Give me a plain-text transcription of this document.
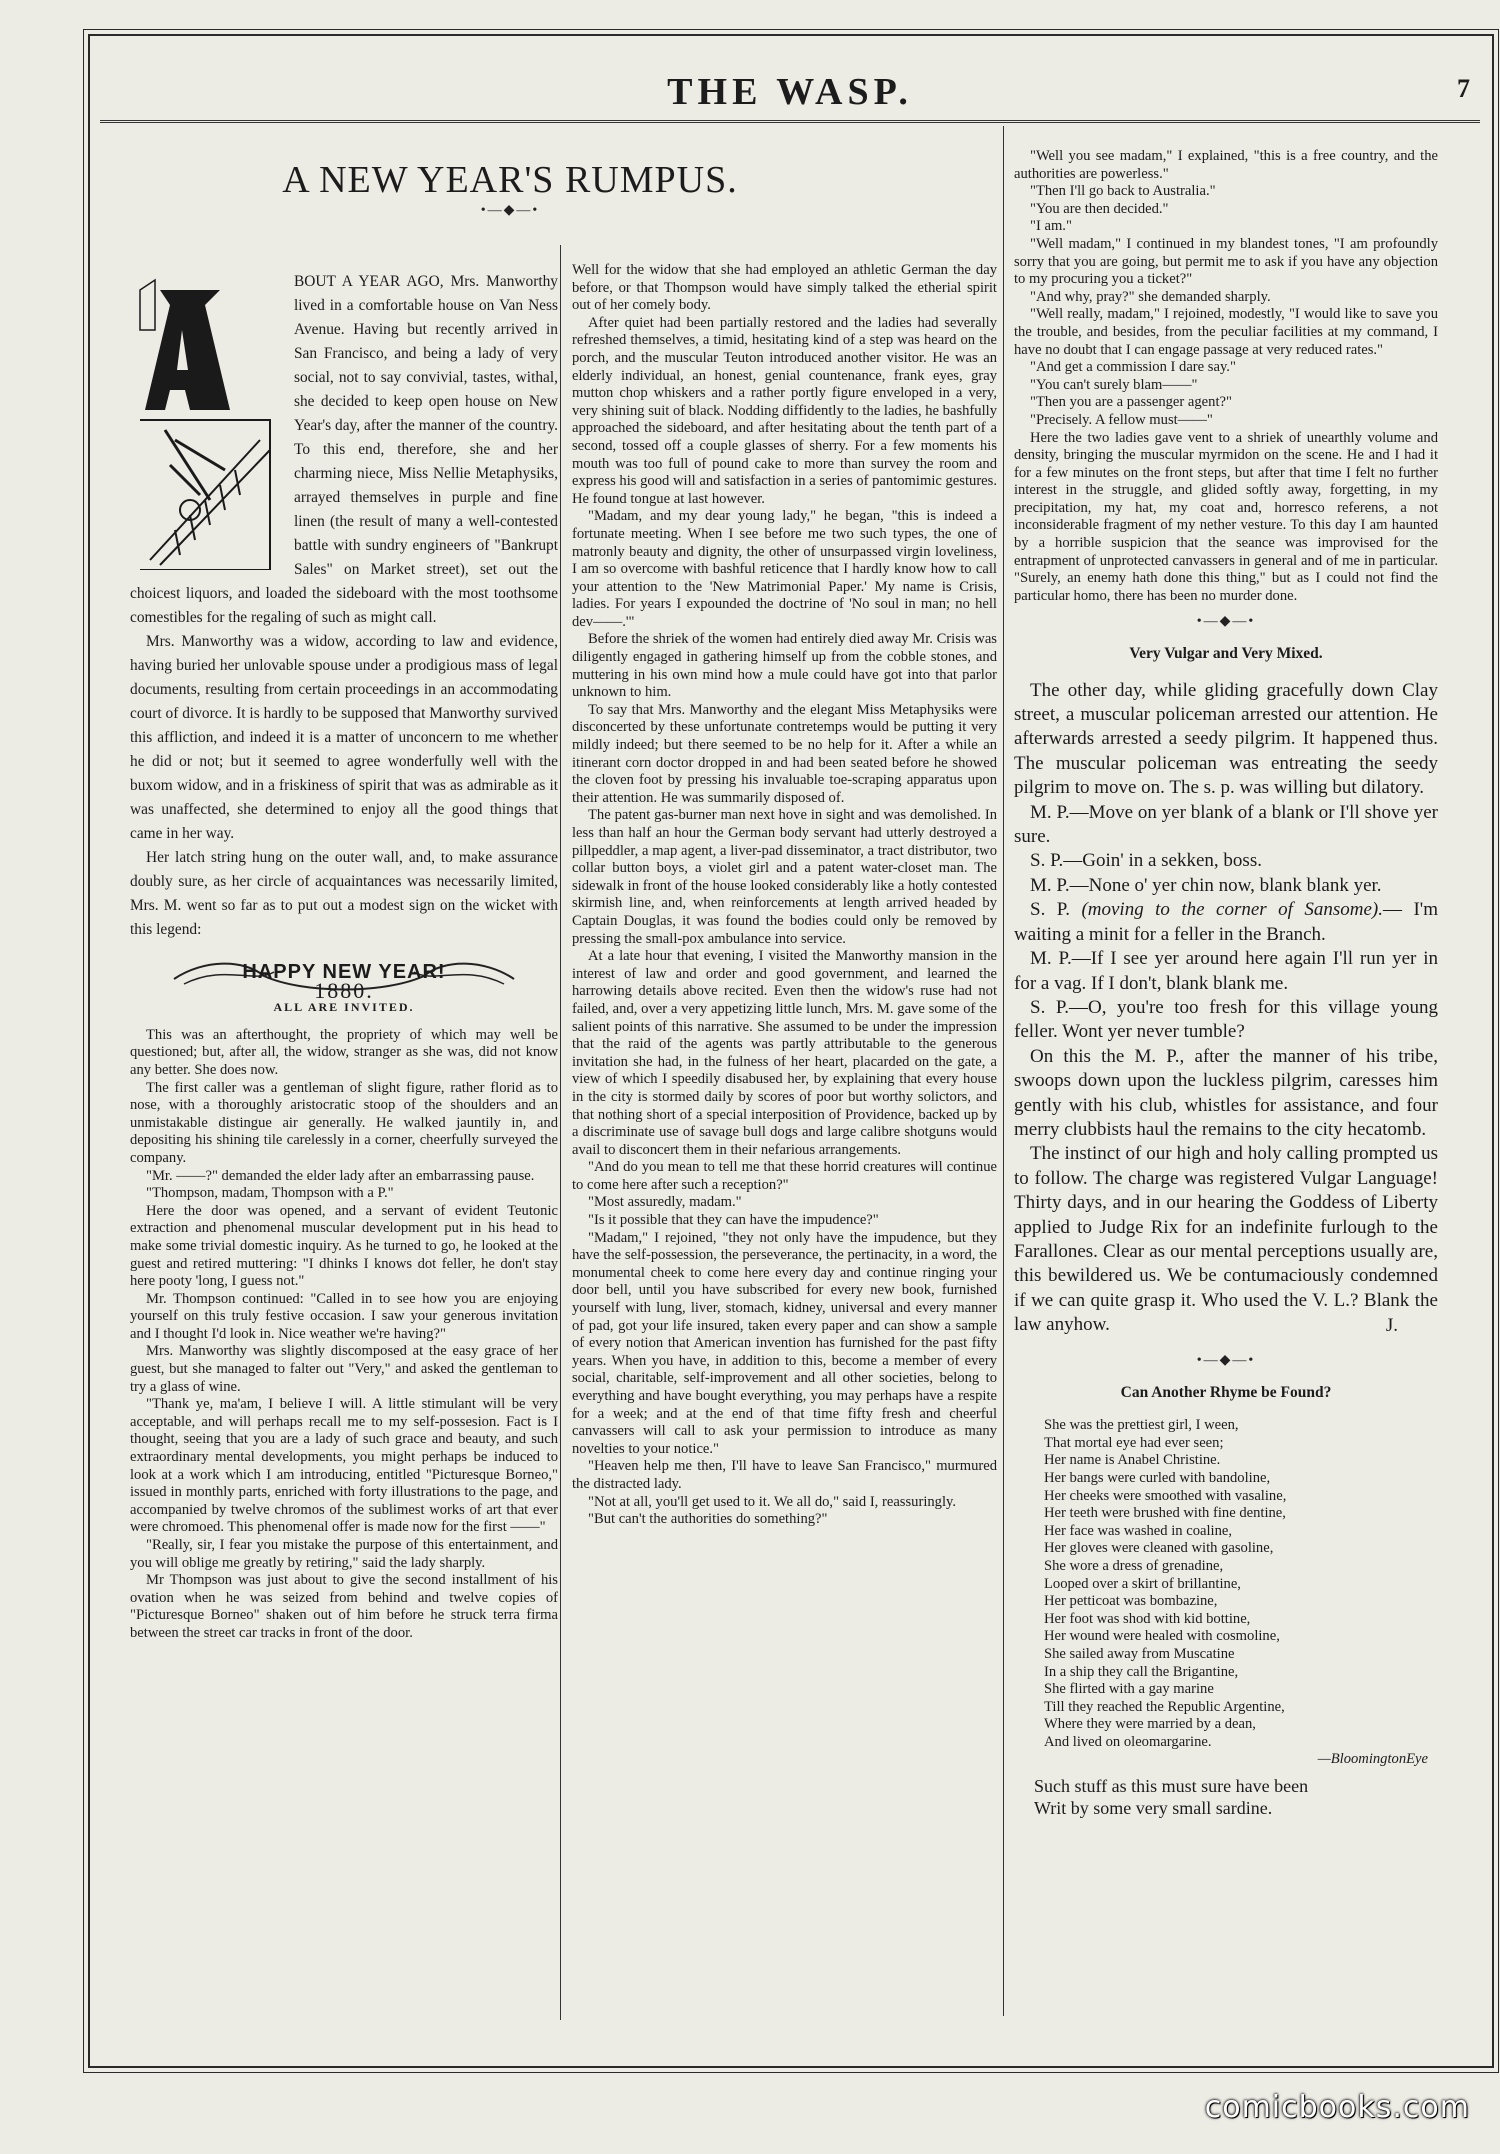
THE WASP.	7
A NEW YEAR'S RUMPUS.
•—◆—•

BOUT A YEAR AGO, Mrs. Manworthy lived in a comfortable house on Van Ness Avenue. Having but recently arrived in San Francisco, and being a lady of very social, not to say convivial, tastes, withal, she decided to keep open house on New Year's day, after the manner of the country. To this end, therefore, she and her charming niece, Miss Nellie Metaphysiks, arrayed themselves in purple and fine linen (the result of many a well-contested battle with sundry engineers of "Bankrupt Sales" on Market street), set out the choicest liquors, and loaded the sideboard with the most toothsome comestibles for the regaling of such as might call.

Mrs. Manworthy was a widow, according to law and evidence, having buried her unlovable spouse under a prodigious mass of legal documents, resulting from certain proceedings in an accommodating court of divorce. It is hardly to be supposed that Manworthy survived this affliction, and indeed it is a matter of unconcern to me whether he did or not; but it seemed to agree wonderfully well with the buxom widow, and in a friskiness of spirit that was as admirable as it was unaffected, she determined to enjoy all the good things that came in her way.

Her latch string hung on the outer wall, and, to make assurance doubly sure, as her circle of acquaintances was necessarily limited, Mrs. M. went so far as to put out a modest sign on the wicket with this legend:

HAPPY NEW YEAR!
1880.
ALL ARE INVITED.

This was an afterthought, the propriety of which may well be questioned; but, after all, the widow, stranger as she was, did not know any better. She does now.

The first caller was a gentleman of slight figure, rather florid as to nose, with a thoroughly aristocratic stoop of the shoulders and an unmistakable distingue air generally. He walked jauntily in, and depositing his shining tile carelessly in a corner, cheerfully surveyed the company.

"Mr. ——?" demanded the elder lady after an embarrassing pause.

"Thompson, madam, Thompson with a P."

Here the door was opened, and a servant of evident Teutonic extraction and phenomenal muscular development put in his head to make some trivial domestic inquiry. As he turned to go, he looked at the guest and retired muttering: "I dhinks I knows dot feller, he don't stay here pooty 'long, I guess not."

Mr. Thompson continued: "Called in to see how you are enjoying yourself on this truly festive occasion. I saw your generous invitation and I thought I'd look in. Nice weather we're having?"

Mrs. Manworthy was slightly discomposed at the easy grace of her guest, but she managed to falter out "Very," and asked the gentleman to try a glass of wine.

"Thank ye, ma'am, I believe I will. A little stimulant will be very acceptable, and will perhaps recall me to my self-possesion. Fact is I thought, seeing that you are a lady of such grace and beauty, and such extraordinary mental developments, you might perhaps be induced to look at a work which I am introducing, entitled "Picturesque Borneo," issued in monthly parts, enriched with forty illustrations to the page, and accompanied by twelve chromos of the sublimest works of art that ever were chromoed. This phenomenal offer is made now for the first ——"

"Really, sir, I fear you mistake the purpose of this entertainment, and you will oblige me greatly by retiring," said the lady sharply.

Mr Thompson was just about to give the second installment of his ovation when he was seized from behind and twelve copies of "Picturesque Borneo" shaken out of him before he struck terra firma between the street car tracks in front of the door.

Well for the widow that she had employed an athletic German the day before, or that Thompson would have simply talked the etherial spirit out of her comely body.

After quiet had been partially restored and the ladies had severally refreshed themselves, a timid, hesitating kind of a step was heard on the porch, and the muscular Teuton introduced another visitor. He was an elderly individual, an honest, genial countenance, frank eyes, gray mutton chop whiskers and a rather portly figure enveloped in a very, very shining suit of black. Nodding diffidently to the ladies, he bashfully approached the sideboard, and after hesitating about the tenth part of a second, tossed off a couple glasses of sherry. For a few moments his mouth was too full of pound cake to more than survey the room and express his good will and satisfaction in a series of pantomimic gestures. He found tongue at last however.

"Madam, and my dear young lady," he began, "this is indeed a fortunate meeting. When I see before me two such types, the one of matronly beauty and dignity, the other of unsurpassed virgin loveliness, I am so overcome with bashful reticence that I hardly know how to call your attention to the 'New Matrimonial Paper.' My name is Crisis, ladies. For years I expounded the doctrine of 'No soul in man; no hell dev——.'"

Before the shriek of the women had entirely died away Mr. Crisis was diligently engaged in gathering himself up from the cobble stones, and muttering in his own mind how a mule could have got into that parlor unknown to him.

To say that Mrs. Manworthy and the elegant Miss Metaphysiks were disconcerted by these unfortunate contretemps would be putting it very mildly indeed; but there seemed to be no help for it. After a while an itinerant corn doctor dropped in and had been seated before he showed the cloven foot by pressing his invaluable toe-scraping apparatus upon their attention. He was summarily disposed of.

The patent gas-burner man next hove in sight and was demolished. In less than half an hour the German body servant had utterly destroyed a pillpeddler, a map agent, a liver-pad disseminator, a tract distributor, two collar button boys, a violet girl and a patent water-closet man. The sidewalk in front of the house looked considerably like a hotly contested skirmish line, and, when reinforcements at length arrived headed by Captain Douglas, it was found the bodies could only be removed by pressing the small-pox ambulance into service.

At a late hour that evening, I visited the Manworthy mansion in the interest of law and order and good government, and learned the harrowing details above recited. Even then the widow's ruse had not failed, and, over a very appetizing little lunch, Mrs. M. gave some of the salient points of this narrative. She assumed to be under the impression that the raid of the agents was partly attributable to the generous invitation she had, in the fulness of her heart, placarded on the gate, a view of which I speedily disabused her, by explaining that every house in the city is stormed daily by scores of poor but worthy solictors, and that nothing short of a special interposition of Providence, backed up by a discriminate use of savage bull dogs and large calibre shotguns would avail to disconcert them in their nefarious arrangements.

"And do you mean to tell me that these horrid creatures will continue to come here after such a reception?"

"Most assuredly, madam."

"Is it possible that they can have the impudence?"

"Madam," I rejoined, "they not only have the impudence, but they have the self-possession, the perseverance, the pertinacity, in a word, the monumental cheek to come here every day and continue ringing your door bell, until you have subscribed for every new book, furnished yourself with lung, liver, stomach, kidney, universal and every manner of pad, got your life insured, taken every paper and can show a sample of every notion that American invention has furnished for the past fifty years. When you have, in addition to this, become a member of every social, charitable, self-improvement and all other societies, belong to everything and have bought everything, you may perhaps have a respite for a week; and at the end of that time fifty fresh and cheerful canvassers will call to ask your permission to introduce as many novelties to your notice."

"Heaven help me then, I'll have to leave San Francisco," murmured the distracted lady.

"Not at all, you'll get used to it. We all do," said I, reassuringly.

"But can't the authorities do something?"

"Well you see madam," I explained, "this is a free country, and the authorities are powerless."

"Then I'll go back to Australia."

"You are then decided."

"I am."

"Well madam," I continued in my blandest tones, "I am profoundly sorry that you are going, but permit me to ask if you have any objection to my procuring you a ticket?"

"And why, pray?" she demanded sharply.

"Well really, madam," I rejoined, modestly, "I would like to save you the trouble, and besides, from the peculiar facilities at my command, I have no doubt that I can engage passage at very reduced rates."

"And get a commission I dare say."

"You can't surely blam——"

"Then you are a passenger agent?"

"Precisely. A fellow must——"

Here the two ladies gave vent to a shriek of unearthly volume and density, bringing the muscular myrmidon on the scene. He and I had it for a few minutes on the front steps, but after that time I felt no further interest in the struggle, and glided softly away, forgetting, in my precipitation, my hat, my coat and, horresco referens, a not inconsiderable fragment of my nether vesture. To this day I am haunted by a horrible suspicion that the seance was improvised for the entrapment of unprotected canvassers in general and of me in particular. "Surely, an enemy hath done this thing," but as I could not find the particular homo, there has been no murder done.

•—◆—•
Very Vulgar and Very Mixed.

The other day, while gliding gracefully down Clay street, a muscular policeman arrested our attention. He afterwards arrested a seedy pilgrim. It happened thus. The muscular policeman was entreating the seedy pilgrim to move on. The s. p. was willing but dilatory.

M. P.—Move on yer blank of a blank or I'll shove yer sure.

S. P.—Goin' in a sekken, boss.

M. P.—None o' yer chin now, blank blank yer.

S. P. (moving to the corner of Sansome).— I'm waiting a minit for a feller in the Branch.

M. P.—If I see yer around here again I'll run yer in for a vag. If I don't, blank blank me.

S. P.—O, you're too fresh for this village young feller. Wont yer never tumble?

On this the M. P., after the manner of his tribe, swoops down upon the luckless pilgrim, caresses him gently with his club, whistles for assistance, and four merry clubbists haul the remains to the city hecatomb.

The instinct of our high and holy calling prompted us to follow. The charge was registered Vulgar Language! Thirty days, and in our hearing the Goddess of Liberty applied to Judge Rix for an indefinite furlough to the Farallones. Clear as our mental perceptions usually are, this bewildered us. We be contumaciously condemned if we can quite grasp it. Who used the V. L.? Blank the law anyhow.	J.
•—◆—•
Can Another Rhyme be Found?
She was the prettiest girl, I ween,
That mortal eye had ever seen;
Her name is Anabel Christine.
Her bangs were curled with bandoline,
Her cheeks were smoothed with vasaline,
Her teeth were brushed with fine dentine,
Her face was washed in coaline,
Her gloves were cleaned with gasoline,
She wore a dress of grenadine,
Looped over a skirt of brillantine,
Her petticoat was bombazine,
Her foot was shod with kid bottine,
Her wound were healed with cosmoline,
She sailed away from Muscatine
In a ship they call the Brigantine,
She flirted with a gay marine
Till they reached the Republic Argentine,
Where they were married by a dean,
And lived on oleomargarine.
—BloomingtonEye
Such stuff as this must sure have been
Writ by some very small sardine.
comicbooks.com
